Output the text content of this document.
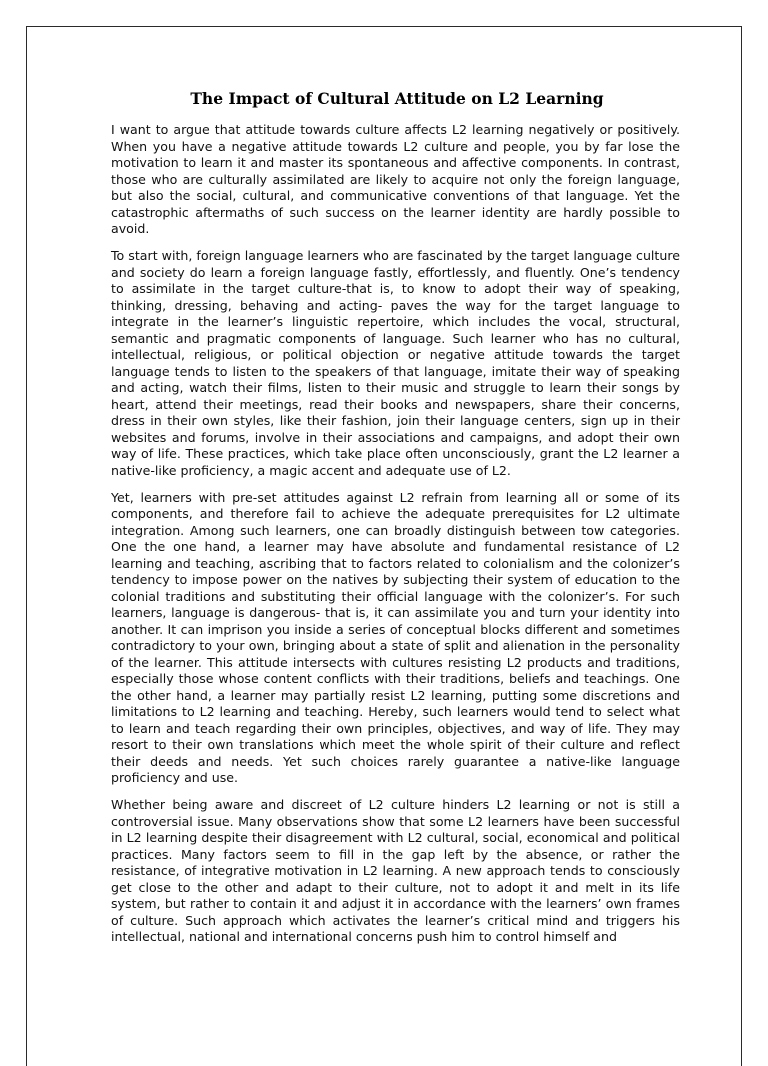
The Impact of Cultural Attitude on L2 Learning

I want to argue that attitude towards culture affects L2 learning negatively or positively. When you have a negative attitude towards L2 culture and people, you by far lose the motivation to learn it and master its spontaneous and affective components. In contrast, those who are culturally assimilated are likely to acquire not only the foreign language, but also the social, cultural, and communicative conventions of that language. Yet the catastrophic aftermaths of such success on the learner identity are hardly possible to avoid.

To start with, foreign language learners who are fascinated by the target language culture and society do learn a foreign language fastly, effortlessly, and fluently. One’s tendency to assimilate in the target culture-that is, to know to adopt their way of speaking, thinking, dressing, behaving and acting- paves the way for the target language to integrate in the learner’s linguistic repertoire, which includes the vocal, structural, semantic and pragmatic components of language. Such learner who has no cultural, intellectual, religious, or political objection or negative attitude towards the target language tends to listen to the speakers of that language, imitate their way of speaking and acting, watch their films, listen to their music and struggle to learn their songs by heart, attend their meetings, read their books and newspapers, share their concerns, dress in their own styles, like their fashion, join their language centers, sign up in their websites and forums, involve in their associations and campaigns, and adopt their own way of life. These practices, which take place often unconsciously, grant the L2 learner a native-like proficiency, a magic accent and adequate use of L2.

Yet, learners with pre-set attitudes against L2 refrain from learning all or some of its components, and therefore fail to achieve the adequate prerequisites for L2 ultimate integration. Among such learners, one can broadly distinguish between tow categories. One the one hand, a learner may have absolute and fundamental resistance of L2 learning and teaching, ascribing that to factors related to colonialism and the colonizer’s tendency to impose power on the natives by subjecting their system of education to the colonial traditions and substituting their official language with the colonizer’s. For such learners, language is dangerous- that is, it can assimilate you and turn your identity into another. It can imprison you inside a series of conceptual blocks different and sometimes contradictory to your own, bringing about a state of split and alienation in the personality of the learner. This attitude intersects with cultures resisting L2 products and traditions, especially those whose content conflicts with their traditions, beliefs and teachings. One the other hand, a learner may partially resist L2 learning, putting some discretions and limitations to L2 learning and teaching. Hereby, such learners would tend to select what to learn and teach regarding their own principles, objectives, and way of life. They may resort to their own translations which meet the whole spirit of their culture and reflect their deeds and needs. Yet such choices rarely guarantee a native-like language proficiency and use.

Whether being aware and discreet of L2 culture hinders L2 learning or not is still a controversial issue. Many observations show that some L2 learners have been successful in L2 learning despite their disagreement with L2 cultural, social, economical and political practices. Many factors seem to fill in the gap left by the absence, or rather the resistance, of integrative motivation in L2 learning. A new approach tends to consciously get close to the other and adapt to their culture, not to adopt it and melt in its life system, but rather to contain it and adjust it in accordance with the learners’ own frames of culture. Such approach which activates the learner’s critical mind and triggers his intellectual, national and international concerns push him to control himself and
